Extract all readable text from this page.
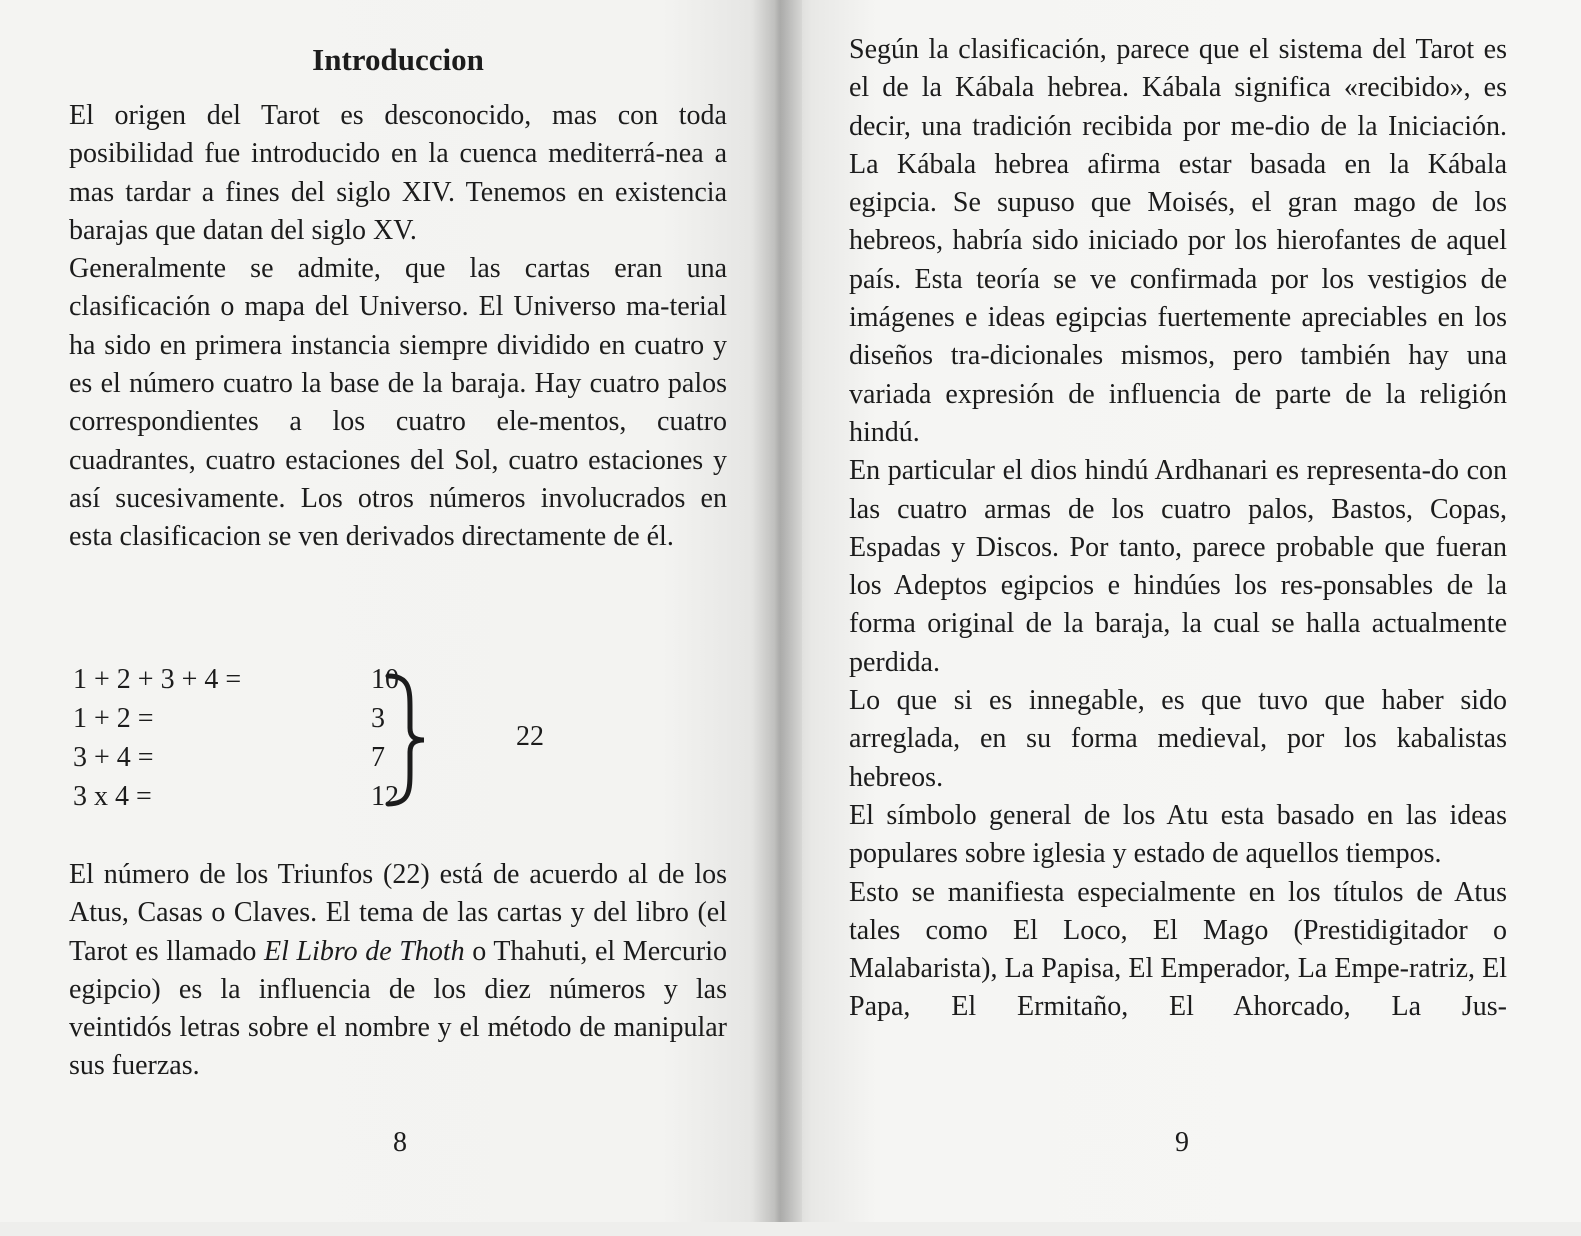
Introduccion

El origen del Tarot es desconocido, mas con toda posibilidad fue introducido en la cuenca mediterrá-nea a mas tardar a fines del siglo XIV. Tenemos en existencia barajas que datan del siglo XV.

Generalmente se admite, que las cartas eran una clasificación o mapa del Universo. El Universo ma-terial ha sido en primera instancia siempre dividido en cuatro y es el número cuatro la base de la baraja. Hay cuatro palos correspondientes a los cuatro ele-mentos, cuatro cuadrantes, cuatro estaciones del Sol, cuatro estaciones y así sucesivamente. Los otros números involucrados en esta clasificacion se ven derivados directamente de él.

1 + 2 + 3 + 4 =	10
1 + 2 =	3
3 + 4 =	7
3 x 4 =	12
22

El número de los Triunfos (22) está de acuerdo al de los Atus, Casas o Claves. El tema de las cartas y del libro (el Tarot es llamado El Libro de Thoth o Thahuti, el Mercurio egipcio) es la influencia de los diez números y las veintidós letras sobre el nombre y el método de manipular sus fuerzas.

8

Según la clasificación, parece que el sistema del Tarot es el de la Kábala hebrea. Kábala significa «recibido», es decir, una tradición recibida por me-dio de la Iniciación. La Kábala hebrea afirma estar basada en la Kábala egipcia. Se supuso que Moisés, el gran mago de los hebreos, habría sido iniciado por los hierofantes de aquel país. Esta teoría se ve confirmada por los vestigios de imágenes e ideas egipcias fuertemente apreciables en los diseños tra-dicionales mismos, pero también hay una variada expresión de influencia de parte de la religión hindú.

En particular el dios hindú Ardhanari es representa-do con las cuatro armas de los cuatro palos, Bastos, Copas, Espadas y Discos. Por tanto, parece probable que fueran los Adeptos egipcios e hindúes los res-ponsables de la forma original de la baraja, la cual se halla actualmente perdida.

Lo que si es innegable, es que tuvo que haber sido arreglada, en su forma medieval, por los kabalistas hebreos.

El símbolo general de los Atu esta basado en las ideas populares sobre iglesia y estado de aquellos tiempos.

Esto se manifiesta especialmente en los títulos de Atus tales como El Loco, El Mago (Prestidigitador o Malabarista), La Papisa, El Emperador, La Empe-ratriz, El Papa, El Ermitaño, El Ahorcado, La Jus-

9
